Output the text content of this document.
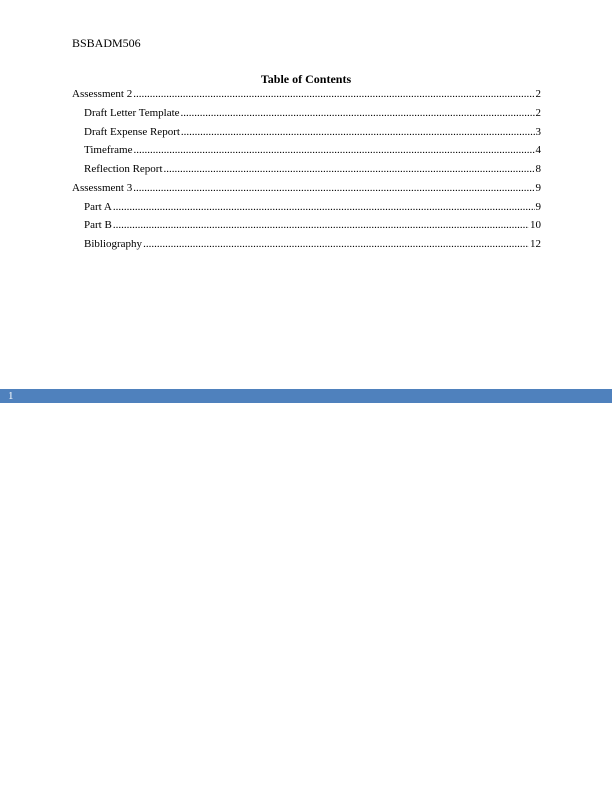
BSBADM506
Table of Contents
Assessment 2 .....	2
Draft Letter Template .....	2
Draft Expense Report .....	3
Timeframe .....	4
Reflection Report .....	8
Assessment 3 .....	9
Part A .....	9
Part B .....	10
Bibliography .....	12
1
